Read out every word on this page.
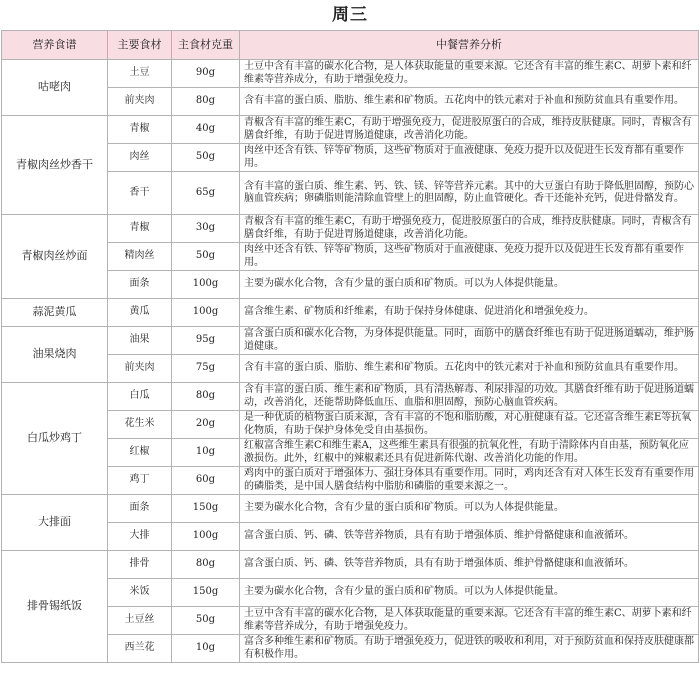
周三
营养食谱	主要食材	主食材克重	中餐营养分析
咕咾肉	土豆	90g	土豆中含有丰富的碳水化合物，是人体获取能量的重要来源。它还含有丰富的维生素C、胡萝卜素和纤维素等营养成分，有助于增强免疫力。
	前夹肉	80g	含有丰富的蛋白质、脂肪、维生素和矿物质。五花肉中的铁元素对于补血和预防贫血具有重要作用。
青椒肉丝炒香干	青椒	40g	青椒含有丰富的维生素C，有助于增强免疫力，促进胶原蛋白的合成，维持皮肤健康。同时，青椒含有膳食纤维，有助于促进胃肠道健康，改善消化功能。
	肉丝	50g	肉丝中还含有铁、锌等矿物质，这些矿物质对于血液健康、免疫力提升以及促进生长发育都有重要作用。
	香干	65g	含有丰富的蛋白质、维生素、钙、铁、镁、锌等营养元素。其中的大豆蛋白有助于降低胆固醇，预防心脑血管疾病；卵磷脂则能清除血管壁上的胆固醇，防止血管硬化。香干还能补充钙，促进骨骼发育。
青椒肉丝炒面	青椒	30g	青椒含有丰富的维生素C，有助于增强免疫力，促进胶原蛋白的合成，维持皮肤健康。同时，青椒含有膳食纤维，有助于促进胃肠道健康，改善消化功能。
	精肉丝	50g	肉丝中还含有铁、锌等矿物质，这些矿物质对于血液健康、免疫力提升以及促进生长发育都有重要作用。
	面条	100g	主要为碳水化合物，含有少量的蛋白质和矿物质。可以为人体提供能量。
蒜泥黄瓜	黄瓜	100g	富含维生素、矿物质和纤维素，有助于保持身体健康、促进消化和增强免疫力。
油果烧肉	油果	95g	富含蛋白质和碳水化合物，为身体提供能量。同时，面筋中的膳食纤维也有助于促进肠道蠕动，维护肠道健康。
	前夹肉	75g	含有丰富的蛋白质、脂肪、维生素和矿物质。五花肉中的铁元素对于补血和预防贫血具有重要作用。
白瓜炒鸡丁	白瓜	80g	含有丰富的蛋白质、维生素和矿物质，具有清热解毒、利尿排湿的功效。其膳食纤维有助于促进肠道蠕动，改善消化，还能帮助降低血压、血脂和胆固醇，预防心脑血管疾病。
	花生米	20g	是一种优质的植物蛋白质来源，含有丰富的不饱和脂肪酸，对心脏健康有益。它还富含维生素E等抗氧化物质，有助于保护身体免受自由基损伤。
	红椒	10g	红椒富含维生素C和维生素A，这些维生素具有很强的抗氧化性，有助于清除体内自由基，预防氧化应激损伤。此外，红椒中的辣椒素还具有促进新陈代谢、改善消化功能的作用。
	鸡丁	60g	鸡肉中的蛋白质对于增强体力、强壮身体具有重要作用。同时，鸡肉还含有对人体生长发育有重要作用的磷脂类，是中国人膳食结构中脂肪和磷脂的重要来源之一。
大排面	面条	150g	主要为碳水化合物，含有少量的蛋白质和矿物质。可以为人体提供能量。
	大排	100g	富含蛋白质、钙、磷、铁等营养物质，具有有助于增强体质、维护骨骼健康和血液循环。
排骨锡纸饭	排骨	80g	富含蛋白质、钙、磷、铁等营养物质，具有有助于增强体质、维护骨骼健康和血液循环。
	米饭	150g	主要为碳水化合物，含有少量的蛋白质和矿物质。可以为人体提供能量。
	土豆丝	50g	土豆中含有丰富的碳水化合物，是人体获取能量的重要来源。它还含有丰富的维生素C、胡萝卜素和纤维素等营养成分，有助于增强免疫力。
	西兰花	10g	富含多种维生素和矿物质。有助于增强免疫力，促进铁的吸收和利用，对于预防贫血和保持皮肤健康都有积极作用。
